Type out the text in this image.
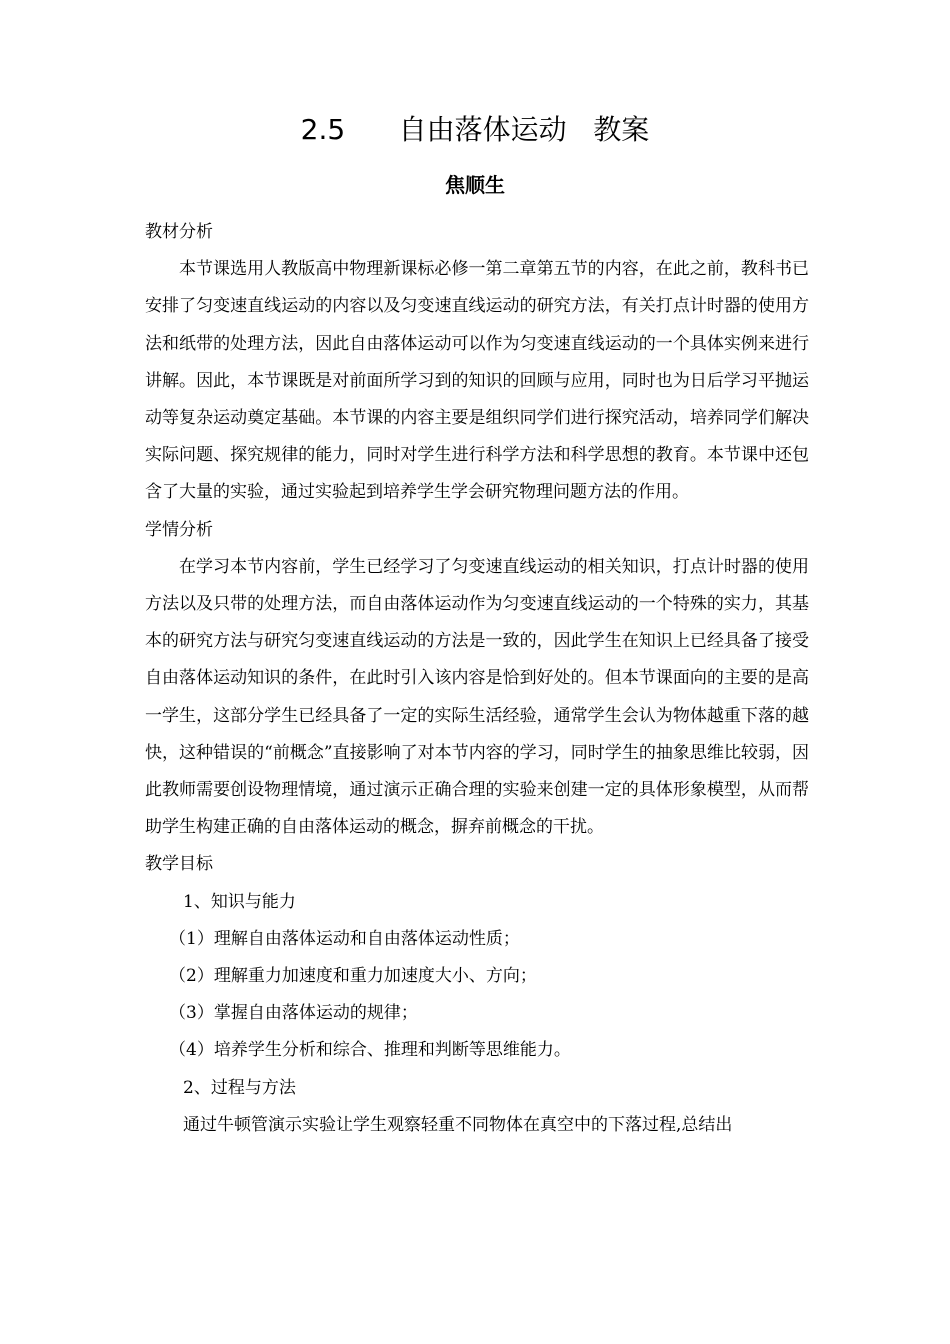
2.5      自由落体运动   教案
焦顺生

教材分析

本节课选用人教版高中物理新课标必修一第二章第五节的内容，在此之前，教科书已安排了匀变速直线运动的内容以及匀变速直线运动的研究方法，有关打点计时器的使用方法和纸带的处理方法，因此自由落体运动可以作为匀变速直线运动的一个具体实例来进行讲解。因此，本节课既是对前面所学习到的知识的回顾与应用，同时也为日后学习平抛运动等复杂运动奠定基础。本节课的内容主要是组织同学们进行探究活动，培养同学们解决实际问题、探究规律的能力，同时对学生进行科学方法和科学思想的教育。本节课中还包含了大量的实验，通过实验起到培养学生学会研究物理问题方法的作用。

学情分析

在学习本节内容前，学生已经学习了匀变速直线运动的相关知识，打点计时器的使用方法以及只带的处理方法，而自由落体运动作为匀变速直线运动的一个特殊的实力，其基本的研究方法与研究匀变速直线运动的方法是一致的，因此学生在知识上已经具备了接受自由落体运动知识的条件，在此时引入该内容是恰到好处的。但本节课面向的主要的是高一学生，这部分学生已经具备了一定的实际生活经验，通常学生会认为物体越重下落的越快，这种错误的“前概念”直接影响了对本节内容的学习，同时学生的抽象思维比较弱，因此教师需要创设物理情境，通过演示正确合理的实验来创建一定的具体形象模型，从而帮助学生构建正确的自由落体运动的概念，摒弃前概念的干扰。

教学目标

1、知识与能力

（1）理解自由落体运动和自由落体运动性质；

（2）理解重力加速度和重力加速度大小、方向；

（3）掌握自由落体运动的规律；

（4）培养学生分析和综合、推理和判断等思维能力。

2、过程与方法

通过牛顿管演示实验让学生观察轻重不同物体在真空中的下落过程,总结出
